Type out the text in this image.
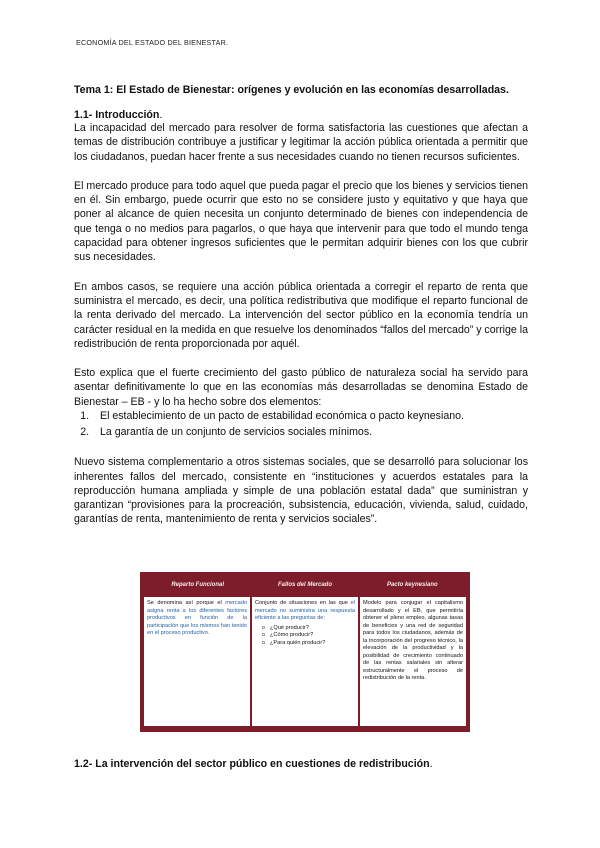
ECONOMÍA DEL ESTADO DEL BIENESTAR.
Tema 1: El Estado de Bienestar: orígenes y evolución en las economías desarrolladas.
1.1- Introducción.

La incapacidad del mercado para resolver de forma satisfactoria las cuestiones que afectan a temas de distribución contribuye a justificar y legitimar la acción pública orientada a permitir que los ciudadanos, puedan hacer frente a sus necesidades cuando no tienen recursos suficientes.

El mercado produce para todo aquel que pueda pagar el precio que los bienes y servicios tienen en él. Sin embargo, puede ocurrir que esto no se considere justo y equitativo y que haya que poner al alcance de quien necesita un conjunto determinado de bienes con independencia de que tenga o no medios para pagarlos, o que haya que intervenir para que todo el mundo tenga capacidad para obtener ingresos suficientes que le permitan adquirir bienes con los que cubrir sus necesidades.

En ambos casos, se requiere una acción pública orientada a corregir el reparto de renta que suministra el mercado, es decir, una política redistributiva que modifique el reparto funcional de la renta derivado del mercado. La intervención del sector público en la economía tendría un carácter residual en la medida en que resuelve los denominados “fallos del mercado” y corrige la redistribución de renta proporcionada por aquél.

Esto explica que el fuerte crecimiento del gasto público de naturaleza social ha servido para asentar definitivamente lo que en las economías más desarrolladas se denomina Estado de Bienestar – EB - y lo ha hecho sobre dos elementos:

1. El establecimiento de un pacto de estabilidad económica o pacto keynesiano.
2. La garantía de un conjunto de servicios sociales mínimos.

Nuevo sistema complementario a otros sistemas sociales, que se desarrolló para solucionar los inherentes fallos del mercado, consistente en “instituciones y acuerdos estatales para la reproducción humana ampliada y simple de una población estatal dada” que suministran y garantizan “provisiones para la procreación, subsistencia, educación, vivienda, salud, cuidado, garantías de renta, mantenimiento de renta y servicios sociales”.

Reparto Funcional	Fallos del Mercado	Pacto keynesiano
Se denomina así porque el mercado asigna renta a los diferentes factores productivos en función de la participación que los mismos han tenido en el proceso productivo.
Conjunto de situaciones en las que el mercado no suministra una respuesta eficiente a las preguntas de:
o ¿Qué producir?
o ¿Cómo producir?
o ¿Para quién producir?
Modelo para conjugar el capitalismo desarrollado y el EB, que permitiría obtener el pleno empleo, algunas tasas de beneficios y una red de seguridad para todos los ciudadanos, además de la incorporación del progreso técnico, la elevación de la productividad y la posibilidad de crecimiento continuado de las rentas salariales sin alterar estructuralmente el proceso de redistribución de la renta.
1.2- La intervención del sector público en cuestiones de redistribución.
